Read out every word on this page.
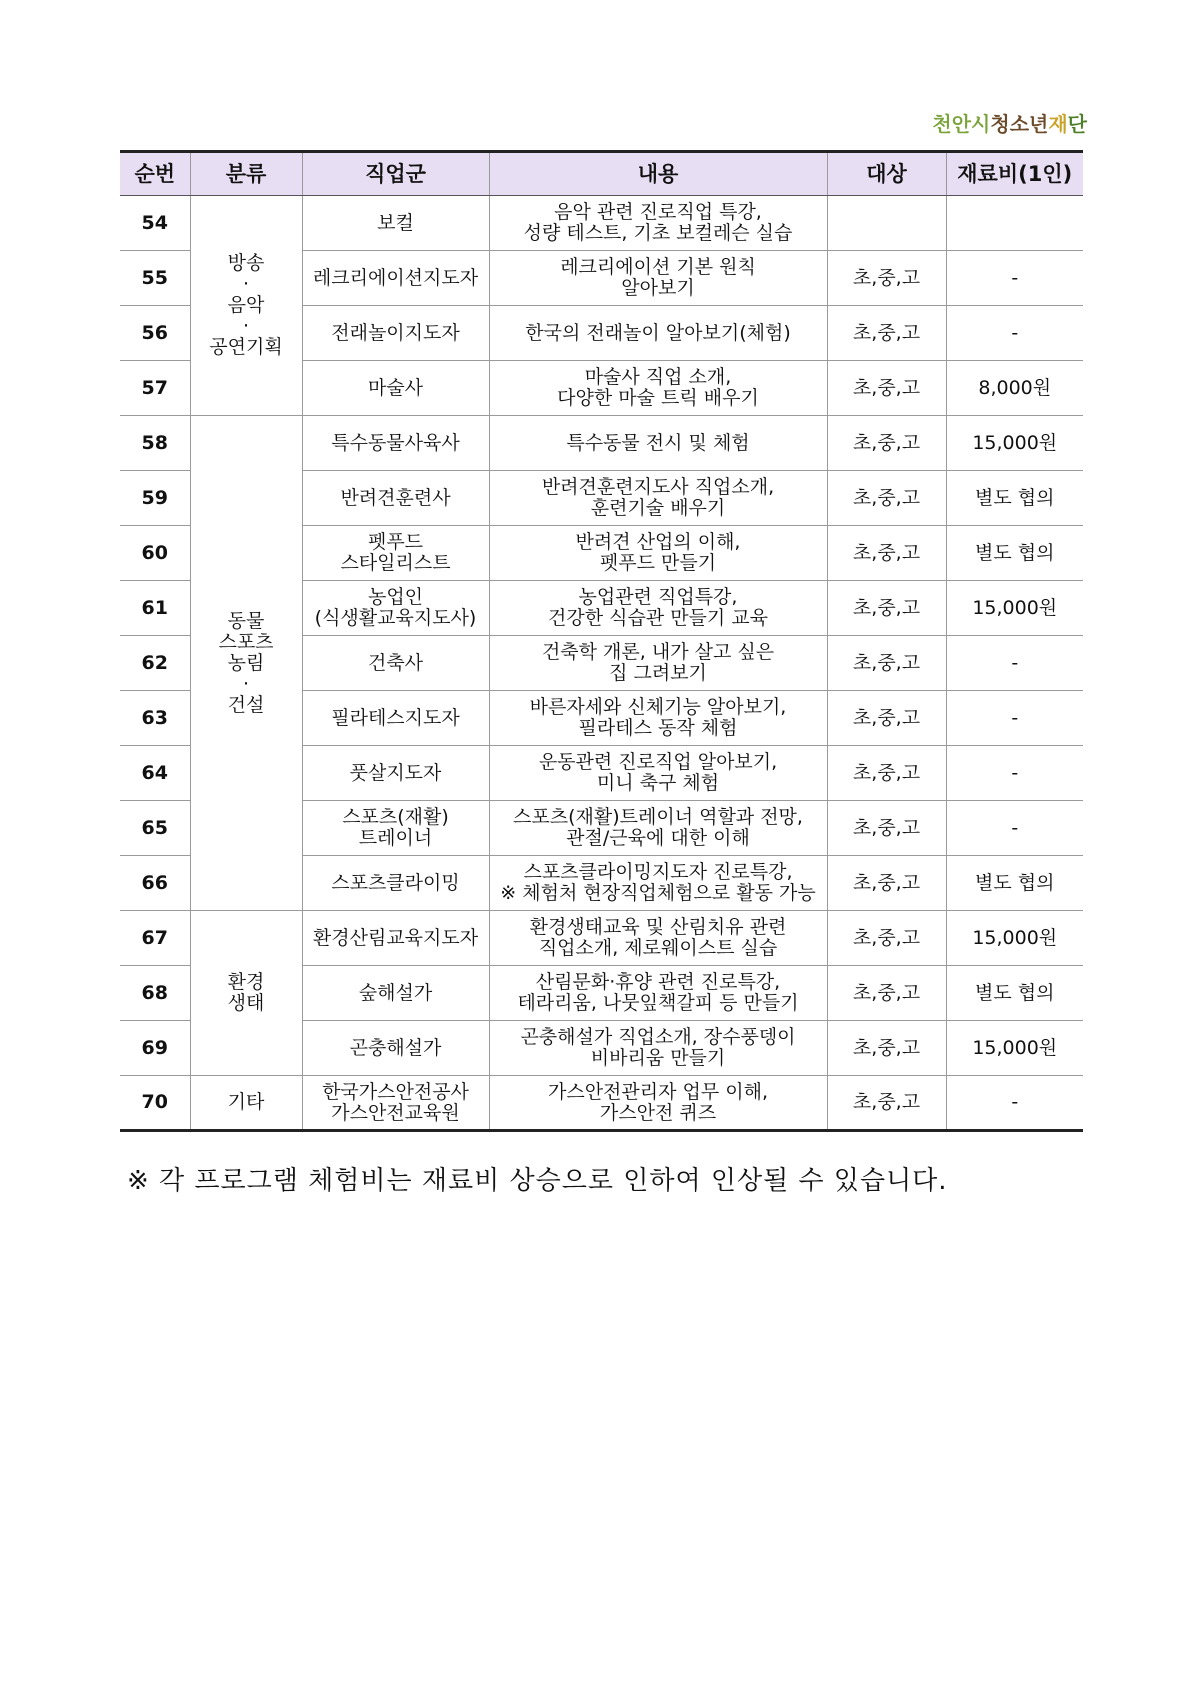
천안시청소년재단
순번	분류	직업군	내용	대상	재료비(1인)
54	방송
·
음악
·
공연기획	보컬	음악 관련 진로직업 특강,
성량 테스트, 기초 보컬레슨 실습		

55		레크리에이션지도자	레크리에이션 기본 원칙
알아보기	초,중,고	-
56		전래놀이지도자	한국의 전래놀이 알아보기(체험)	초,중,고	-
57		마술사	마술사 직업 소개,
다양한 마술 트릭 배우기	초,중,고	8,000원
58	동물
스포츠
농림
·
건설	특수동물사육사	특수동물 전시 및 체험	초,중,고	15,000원
59		반려견훈련사	반려견훈련지도사 직업소개,
훈련기술 배우기	초,중,고	별도 협의
60		펫푸드
스타일리스트	반려견 산업의 이해,
펫푸드 만들기	초,중,고	별도 협의
61		농업인
(식생활교육지도사)	농업관련 직업특강,
건강한 식습관 만들기 교육	초,중,고	15,000원
62		건축사	건축학 개론, 내가 살고 싶은
집 그려보기	초,중,고	-
63		필라테스지도자	바른자세와 신체기능 알아보기,
필라테스 동작 체험	초,중,고	-
64		풋살지도자	운동관련 진로직업 알아보기,
미니 축구 체험	초,중,고	-
65		스포츠(재활)
트레이너	스포츠(재활)트레이너 역할과 전망,
관절/근육에 대한 이해	초,중,고	-
66		스포츠클라이밍	스포츠클라이밍지도자 진로특강,
※ 체험처 현장직업체험으로 활동 가능	초,중,고	별도 협의
67	환경
생태	환경산림교육지도자	환경생태교육 및 산림치유 관련
직업소개, 제로웨이스트 실습	초,중,고	15,000원
68		숲해설가	산림문화·휴양 관련 진로특강,
테라리움, 나뭇잎책갈피 등 만들기	초,중,고	별도 협의
69		곤충해설가	곤충해설가 직업소개, 장수풍뎅이
비바리움 만들기	초,중,고	15,000원
70	기타	한국가스안전공사
가스안전교육원	가스안전관리자 업무 이해,
가스안전 퀴즈	초,중,고	-
※ 각 프로그램 체험비는 재료비 상승으로 인하여 인상될 수 있습니다.
